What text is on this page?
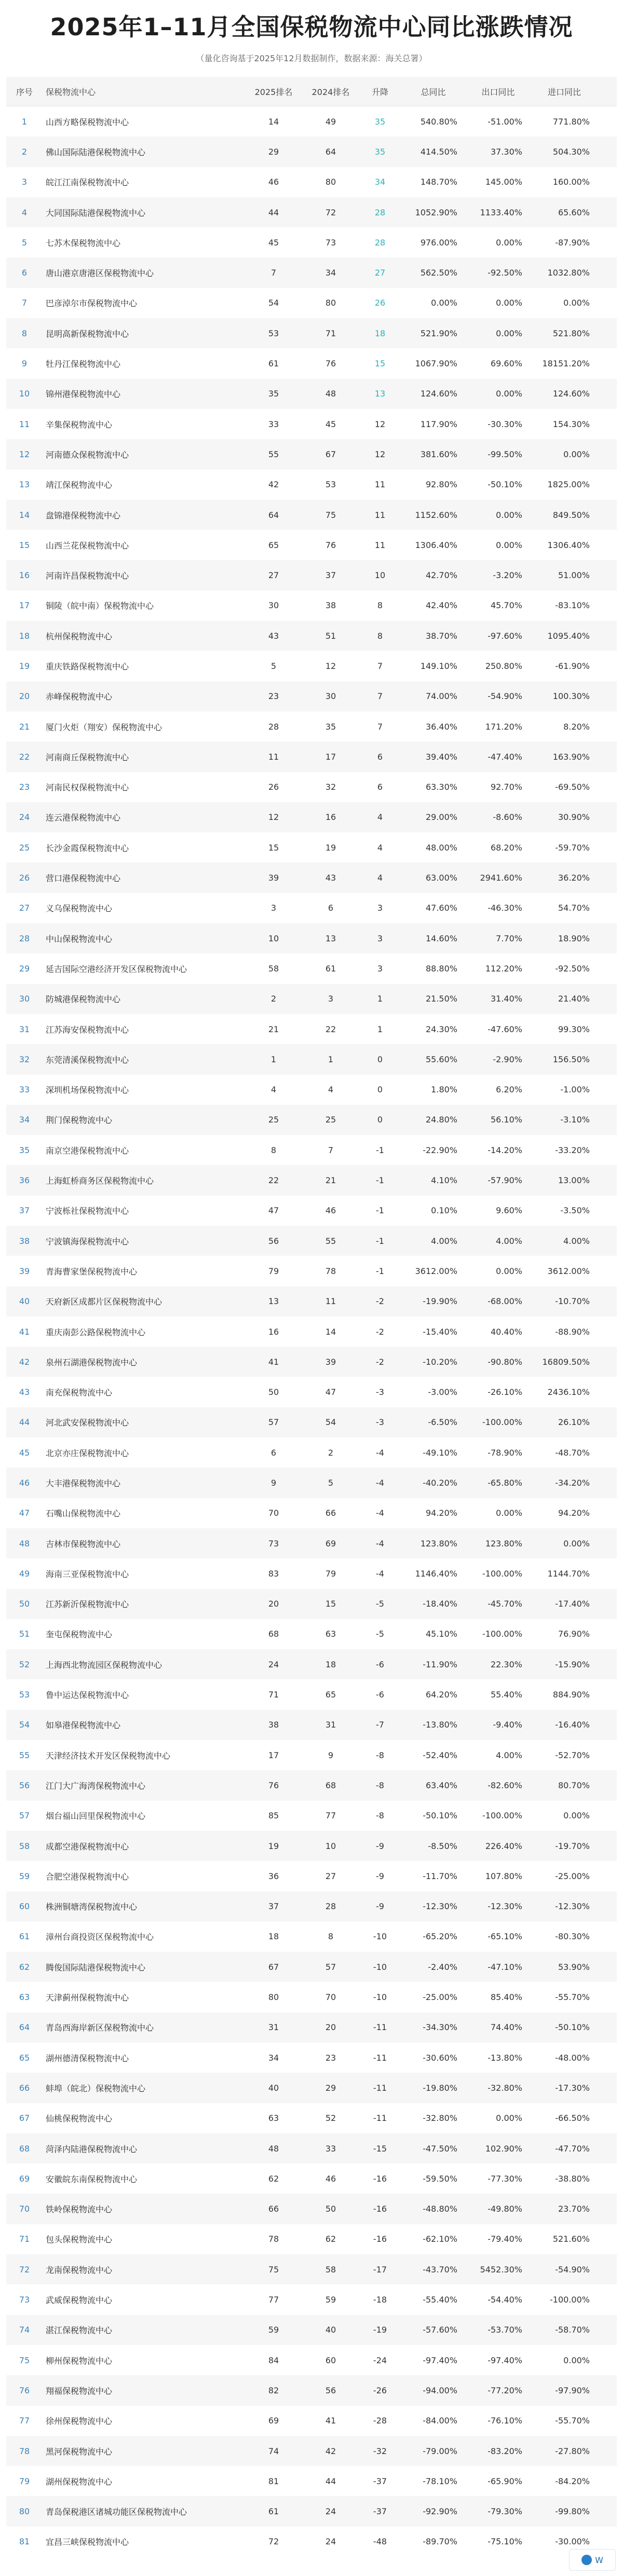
2025年1–11月全国保税物流中心同比涨跌情况
（量化咨询基于2025年12月数据制作，数据来源：海关总署）
序号	保税物流中心	2025排名	2024排名	升降	总同比	出口同比	进口同比
1	山西方略保税物流中心	14	49	35	540.80%	-51.00%	771.80%
2	佛山国际陆港保税物流中心	29	64	35	414.50%	37.30%	504.30%
3	皖江江南保税物流中心	46	80	34	148.70%	145.00%	160.00%
4	大同国际陆港保税物流中心	44	72	28	1052.90%	1133.40%	65.60%
5	七苏木保税物流中心	45	73	28	976.00%	0.00%	-87.90%
6	唐山港京唐港区保税物流中心	7	34	27	562.50%	-92.50%	1032.80%
7	巴彦淖尔市保税物流中心	54	80	26	0.00%	0.00%	0.00%
8	昆明高新保税物流中心	53	71	18	521.90%	0.00%	521.80%
9	牡丹江保税物流中心	61	76	15	1067.90%	69.60%	18151.20%
10	锦州港保税物流中心	35	48	13	124.60%	0.00%	124.60%
11	辛集保税物流中心	33	45	12	117.90%	-30.30%	154.30%
12	河南德众保税物流中心	55	67	12	381.60%	-99.50%	0.00%
13	靖江保税物流中心	42	53	11	92.80%	-50.10%	1825.00%
14	盘锦港保税物流中心	64	75	11	1152.60%	0.00%	849.50%
15	山西兰花保税物流中心	65	76	11	1306.40%	0.00%	1306.40%
16	河南许昌保税物流中心	27	37	10	42.70%	-3.20%	51.00%
17	铜陵（皖中南）保税物流中心	30	38	8	42.40%	45.70%	-83.10%
18	杭州保税物流中心	43	51	8	38.70%	-97.60%	1095.40%
19	重庆铁路保税物流中心	5	12	7	149.10%	250.80%	-61.90%
20	赤峰保税物流中心	23	30	7	74.00%	-54.90%	100.30%
21	厦门火炬（翔安）保税物流中心	28	35	7	36.40%	171.20%	8.20%
22	河南商丘保税物流中心	11	17	6	39.40%	-47.40%	163.90%
23	河南民权保税物流中心	26	32	6	63.30%	92.70%	-69.50%
24	连云港保税物流中心	12	16	4	29.00%	-8.60%	30.90%
25	长沙金霞保税物流中心	15	19	4	48.00%	68.20%	-59.70%
26	营口港保税物流中心	39	43	4	63.00%	2941.60%	36.20%
27	义乌保税物流中心	3	6	3	47.60%	-46.30%	54.70%
28	中山保税物流中心	10	13	3	14.60%	7.70%	18.90%
29	延吉国际空港经济开发区保税物流中心	58	61	3	88.80%	112.20%	-92.50%
30	防城港保税物流中心	2	3	1	21.50%	31.40%	21.40%
31	江苏海安保税物流中心	21	22	1	24.30%	-47.60%	99.30%
32	东莞清溪保税物流中心	1	1	0	55.60%	-2.90%	156.50%
33	深圳机场保税物流中心	4	4	0	1.80%	6.20%	-1.00%
34	荆门保税物流中心	25	25	0	24.80%	56.10%	-3.10%
35	南京空港保税物流中心	8	7	-1	-22.90%	-14.20%	-33.20%
36	上海虹桥商务区保税物流中心	22	21	-1	4.10%	-57.90%	13.00%
37	宁波栎社保税物流中心	47	46	-1	0.10%	9.60%	-3.50%
38	宁波镇海保税物流中心	56	55	-1	4.00%	4.00%	4.00%
39	青海曹家堡保税物流中心	79	78	-1	3612.00%	0.00%	3612.00%
40	天府新区成都片区保税物流中心	13	11	-2	-19.90%	-68.00%	-10.70%
41	重庆南彭公路保税物流中心	16	14	-2	-15.40%	40.40%	-88.90%
42	泉州石湖港保税物流中心	41	39	-2	-10.20%	-90.80%	16809.50%
43	南充保税物流中心	50	47	-3	-3.00%	-26.10%	2436.10%
44	河北武安保税物流中心	57	54	-3	-6.50%	-100.00%	26.10%
45	北京亦庄保税物流中心	6	2	-4	-49.10%	-78.90%	-48.70%
46	大丰港保税物流中心	9	5	-4	-40.20%	-65.80%	-34.20%
47	石嘴山保税物流中心	70	66	-4	94.20%	0.00%	94.20%
48	吉林市保税物流中心	73	69	-4	123.80%	123.80%	0.00%
49	海南三亚保税物流中心	83	79	-4	1146.40%	-100.00%	1144.70%
50	江苏新沂保税物流中心	20	15	-5	-18.40%	-45.70%	-17.40%
51	奎屯保税物流中心	68	63	-5	45.10%	-100.00%	76.90%
52	上海西北物流园区保税物流中心	24	18	-6	-11.90%	22.30%	-15.90%
53	鲁中运达保税物流中心	71	65	-6	64.20%	55.40%	884.90%
54	如皋港保税物流中心	38	31	-7	-13.80%	-9.40%	-16.40%
55	天津经济技术开发区保税物流中心	17	9	-8	-52.40%	4.00%	-52.70%
56	江门大广海湾保税物流中心	76	68	-8	63.40%	-82.60%	80.70%
57	烟台福山回里保税物流中心	85	77	-8	-50.10%	-100.00%	0.00%
58	成都空港保税物流中心	19	10	-9	-8.50%	226.40%	-19.70%
59	合肥空港保税物流中心	36	27	-9	-11.70%	107.80%	-25.00%
60	株洲铜塘湾保税物流中心	37	28	-9	-12.30%	-12.30%	-12.30%
61	漳州台商投资区保税物流中心	18	8	-10	-65.20%	-65.10%	-80.30%
62	腾俊国际陆港保税物流中心	67	57	-10	-2.40%	-47.10%	53.90%
63	天津蓟州保税物流中心	80	70	-10	-25.00%	85.40%	-55.70%
64	青岛西海岸新区保税物流中心	31	20	-11	-34.30%	74.40%	-50.10%
65	湖州德清保税物流中心	34	23	-11	-30.60%	-13.80%	-48.00%
66	蚌埠（皖北）保税物流中心	40	29	-11	-19.80%	-32.80%	-17.30%
67	仙桃保税物流中心	63	52	-11	-32.80%	0.00%	-66.50%
68	菏泽内陆港保税物流中心	48	33	-15	-47.50%	102.90%	-47.70%
69	安徽皖东南保税物流中心	62	46	-16	-59.50%	-77.30%	-38.80%
70	铁岭保税物流中心	66	50	-16	-48.80%	-49.80%	23.70%
71	包头保税物流中心	78	62	-16	-62.10%	-79.40%	521.60%
72	龙南保税物流中心	75	58	-17	-43.70%	5452.30%	-54.90%
73	武威保税物流中心	77	59	-18	-55.40%	-54.40%	-100.00%
74	湛江保税物流中心	59	40	-19	-57.60%	-53.70%	-58.70%
75	柳州保税物流中心	84	60	-24	-97.40%	-97.40%	0.00%
76	翔福保税物流中心	82	56	-26	-94.00%	-77.20%	-97.90%
77	徐州保税物流中心	69	41	-28	-84.00%	-76.10%	-55.70%
78	黑河保税物流中心	74	42	-32	-79.00%	-83.20%	-27.80%
79	湖州保税物流中心	81	44	-37	-78.10%	-65.90%	-84.20%
80	青岛保税港区诸城功能区保税物流中心	61	24	-37	-92.90%	-79.30%	-99.80%
81	宜昌三峡保税物流中心	72	24	-48	-89.70%	-75.10%	-30.00%
W
